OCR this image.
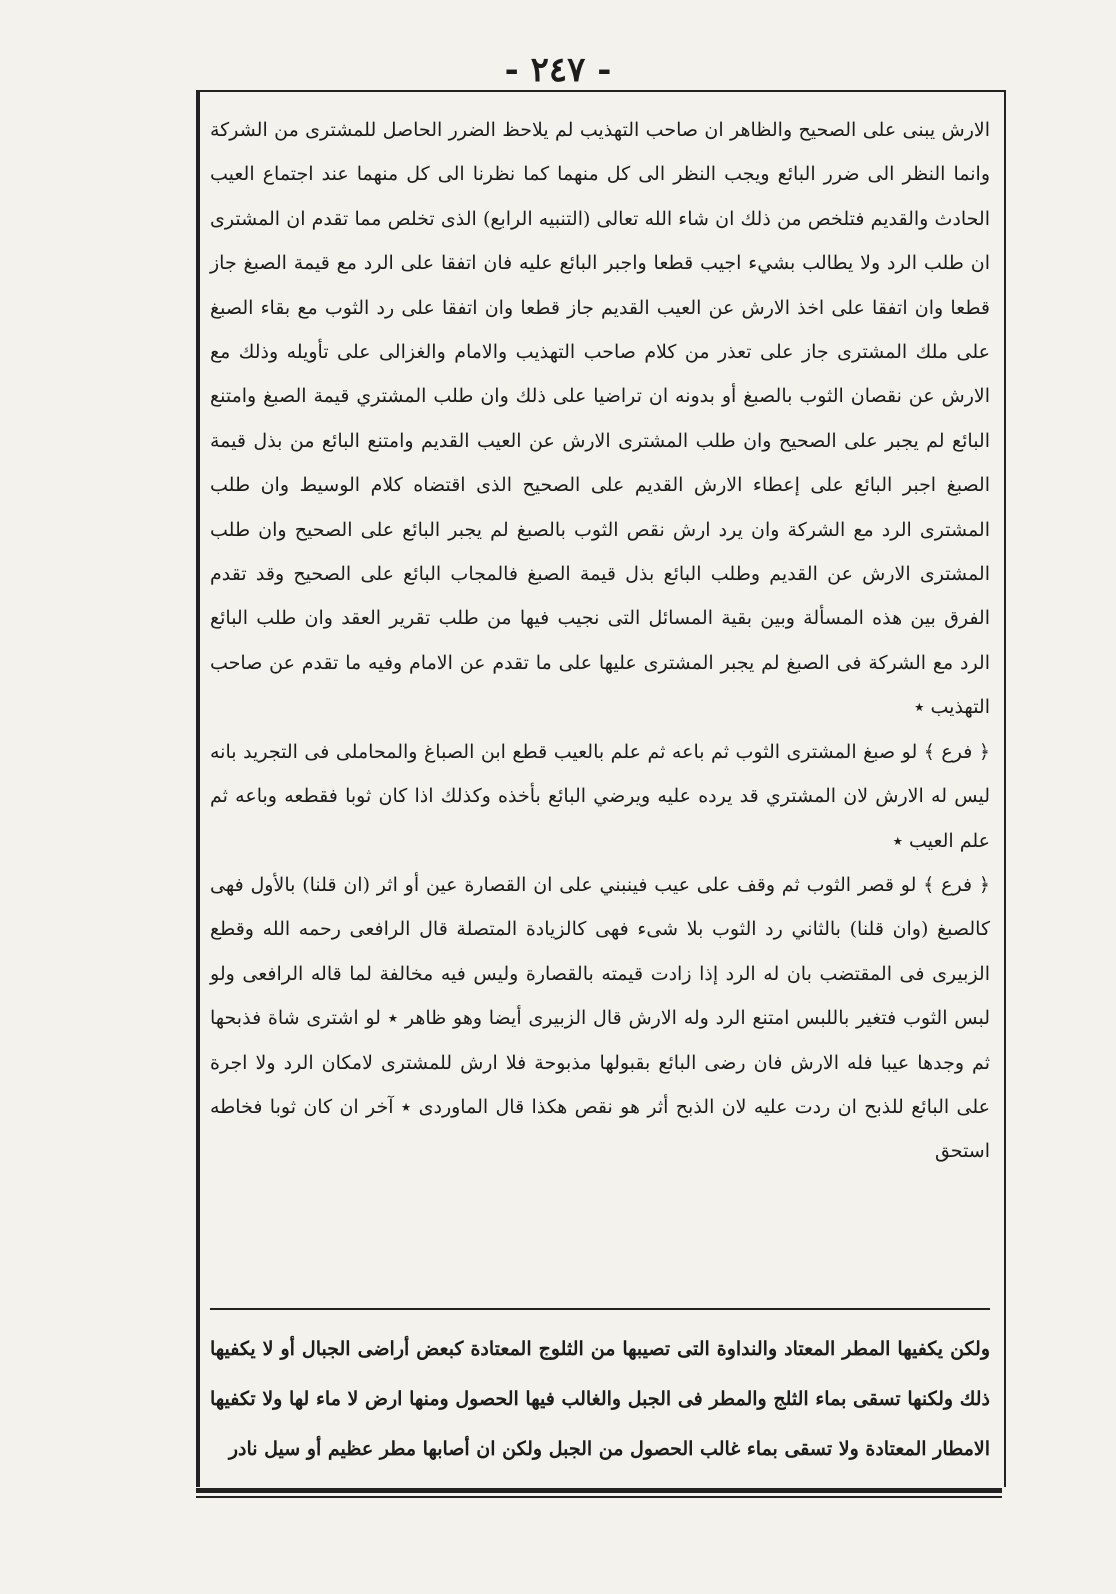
- ٢٤٧ -

الارش يبنى على الصحيح والظاهر ان صاحب التهذيب لم يلاحظ الضرر الحاصل للمشترى من الشركة وانما النظر الى ضرر البائع ويجب النظر الى كل منهما كما نظرنا الى كل منهما عند اجتماع العيب الحادث والقديم فتلخص من ذلك ان شاء الله تعالى (التنبيه الرابع) الذى تخلص مما تقدم ان المشترى ان طلب الرد ولا يطالب بشيء اجيب قطعا واجبر البائع عليه فان اتفقا على الرد مع قيمة الصبغ جاز قطعا وان اتفقا على اخذ الارش عن العيب القديم جاز قطعا وان اتفقا على رد الثوب مع بقاء الصبغ على ملك المشترى جاز على تعذر من كلام صاحب التهذيب والامام والغزالى على تأويله وذلك مع الارش عن نقصان الثوب بالصبغ أو بدونه ان تراضيا على ذلك وان طلب المشتري قيمة الصبغ وامتنع البائع لم يجبر على الصحيح وان طلب المشترى الارش عن العيب القديم وامتنع البائع من بذل قيمة الصبغ اجبر البائع على إعطاء الارش القديم على الصحيح الذى اقتضاه كلام الوسيط وان طلب المشترى الرد مع الشركة وان يرد ارش نقص الثوب بالصبغ لم يجبر البائع على الصحيح وان طلب المشترى الارش عن القديم وطلب البائع بذل قيمة الصبغ فالمجاب البائع على الصحيح وقد تقدم الفرق بين هذه المسألة وبين بقية المسائل التى نجيب فيها من طلب تقرير العقد وان طلب البائع الرد مع الشركة فى الصبغ لم يجبر المشترى عليها على ما تقدم عن الامام وفيه ما تقدم عن صاحب التهذيب ٭

﴿ فرع ﴾ لو صبغ المشترى الثوب ثم باعه ثم علم بالعيب قطع ابن الصباغ والمحاملى فى التجريد بانه ليس له الارش لان المشتري قد يرده عليه ويرضي البائع بأخذه وكذلك اذا كان ثوبا فقطعه وباعه ثم علم العيب ٭

﴿ فرع ﴾ لو قصر الثوب ثم وقف على عيب فينبني على ان القصارة عين أو اثر (ان قلنا) بالأول فهى كالصبغ (وان قلنا) بالثاني رد الثوب بلا شىء فهى كالزيادة المتصلة قال الرافعى رحمه الله وقطع الزبيرى فى المقتضب بان له الرد إذا زادت قيمته بالقصارة وليس فيه مخالفة لما قاله الرافعى ولو لبس الثوب فتغير باللبس امتنع الرد وله الارش قال الزبيرى أيضا وهو ظاهر ٭ لو اشترى شاة فذبحها ثم وجدها عيبا فله الارش فان رضى البائع بقبولها مذبوحة فلا ارش للمشترى لامكان الرد ولا اجرة على البائع للذبح ان ردت عليه لان الذبح أثر هو نقص هكذا قال الماوردى ٭ آخر ان كان ثوبا فخاطه استحق

ولكن يكفيها المطر المعتاد والنداوة التى تصيبها من الثلوج المعتادة كبعض أراضى الجبال أو لا يكفيها ذلك ولكنها تسقى بماء الثلج والمطر فى الجبل والغالب فيها الحصول ومنها ارض لا ماء لها ولا تكفيها الامطار المعتادة ولا تسقى بماء غالب الحصول من الجبل ولكن ان أصابها مطر عظيم أو سيل نادر
